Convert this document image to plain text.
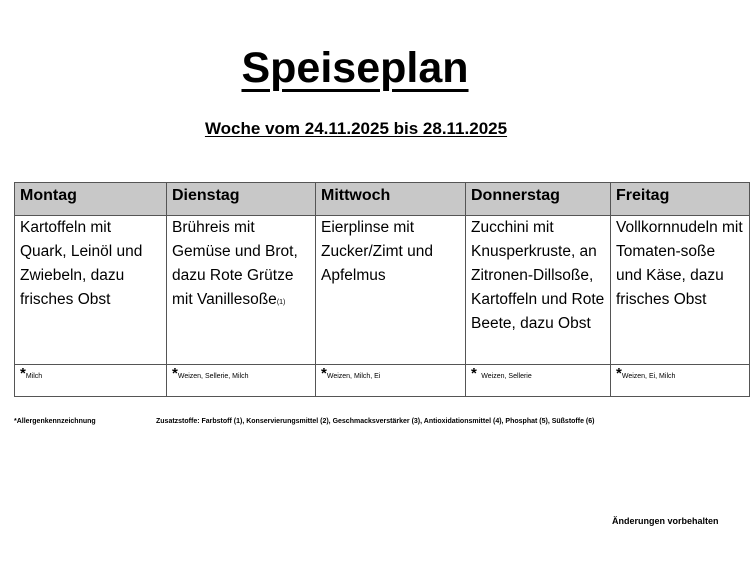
Speiseplan
Woche vom 24.11.2025 bis 28.11.2025
Montag	Dienstag	Mittwoch	Donnerstag	Freitag
Kartoffeln mit Quark, Leinöl und Zwiebeln, dazu frisches Obst	Brühreis mit Gemüse und Brot, dazu Rote Grütze mit Vanillesoße(1)	Eierplinse mit Zucker/Zimt und Apfelmus	Zucchini mit Knusperkruste, an Zitronen-Dillsoße, Kartoffeln und Rote Beete, dazu Obst	Vollkornnudeln mit Tomaten-soße und Käse, dazu frisches Obst
*Milch	*Weizen, Sellerie, Milch	*Weizen, Milch, Ei	* Weizen, Sellerie	*Weizen, Ei, Milch
*Allergenkennzeichnung	Zusatzstoffe: Farbstoff (1), Konservierungsmittel (2), Geschmacksverstärker (3), Antioxidationsmittel (4), Phosphat (5), Süßstoffe (6)
Änderungen vorbehalten
